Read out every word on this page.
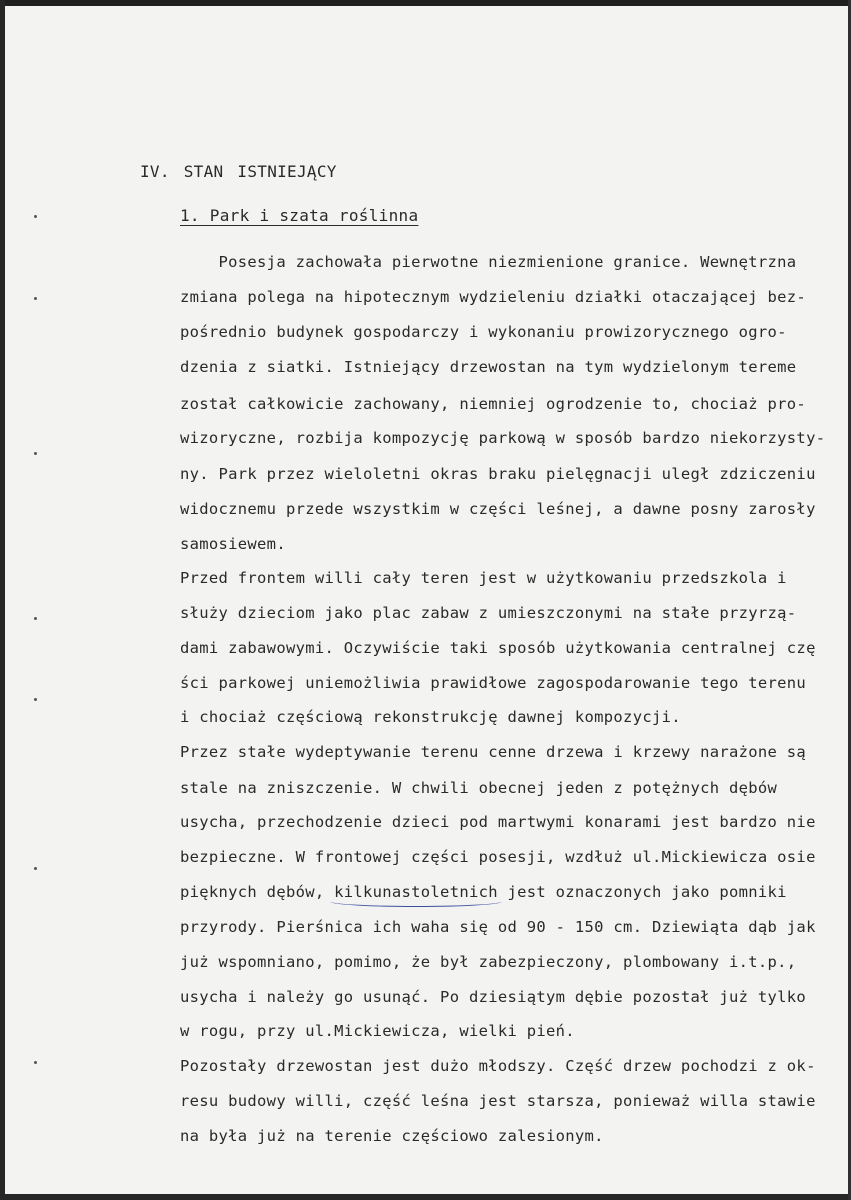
IV. STAN ISTNIEJĄCY
1. Park i szata roślinna
Posesja zachowała pierwotne niezmienione granice. Wewnętrzna
zmiana polega na hipotecznym wydzieleniu działki otaczającej bez-
pośrednio budynek gospodarczy i wykonaniu prowizorycznego ogro-
dzenia z siatki. Istniejący drzewostan na tym wydzielonym tereme
został całkowicie zachowany, niemniej ogrodzenie to, chociaż pro-
wizoryczne, rozbija kompozycję parkową w sposób bardzo niekorzysty-
ny. Park przez wieloletni okras braku pielęgnacji uległ zdziczeniu
widocznemu przede wszystkim w części leśnej, a dawne posny zarosły
samosiewem.
Przed frontem willi cały teren jest w użytkowaniu przedszkola i
służy dzieciom jako plac zabaw z umieszczonymi na stałe przyrzą-
dami zabawowymi. Oczywiście taki sposób użytkowania centralnej czę
ści parkowej uniemożliwia prawidłowe zagospodarowanie tego terenu
i chociaż częściową rekonstrukcję dawnej kompozycji.
Przez stałe wydeptywanie terenu cenne drzewa i krzewy narażone są
stale na zniszczenie. W chwili obecnej jeden z potężnych dębów
usycha, przechodzenie dzieci pod martwymi konarami jest bardzo nie
bezpieczne. W frontowej części posesji, wzdłuż ul.Mickiewicza osie
pięknych dębów, kilkunastoletnich jest oznaczonych jako pomniki
przyrody. Pierśnica ich waha się od 90 - 150 cm. Dziewiąta dąb jak
już wspomniano, pomimo, że był zabezpieczony, plombowany i.t.p.,
usycha i należy go usunąć. Po dziesiątym dębie pozostał już tylko
w rogu, przy ul.Mickiewicza, wielki pień.
Pozostały drzewostan jest dużo młodszy. Część drzew pochodzi z ok-
resu budowy willi, część leśna jest starsza, ponieważ willa stawie
na była już na terenie częściowo zalesionym.
